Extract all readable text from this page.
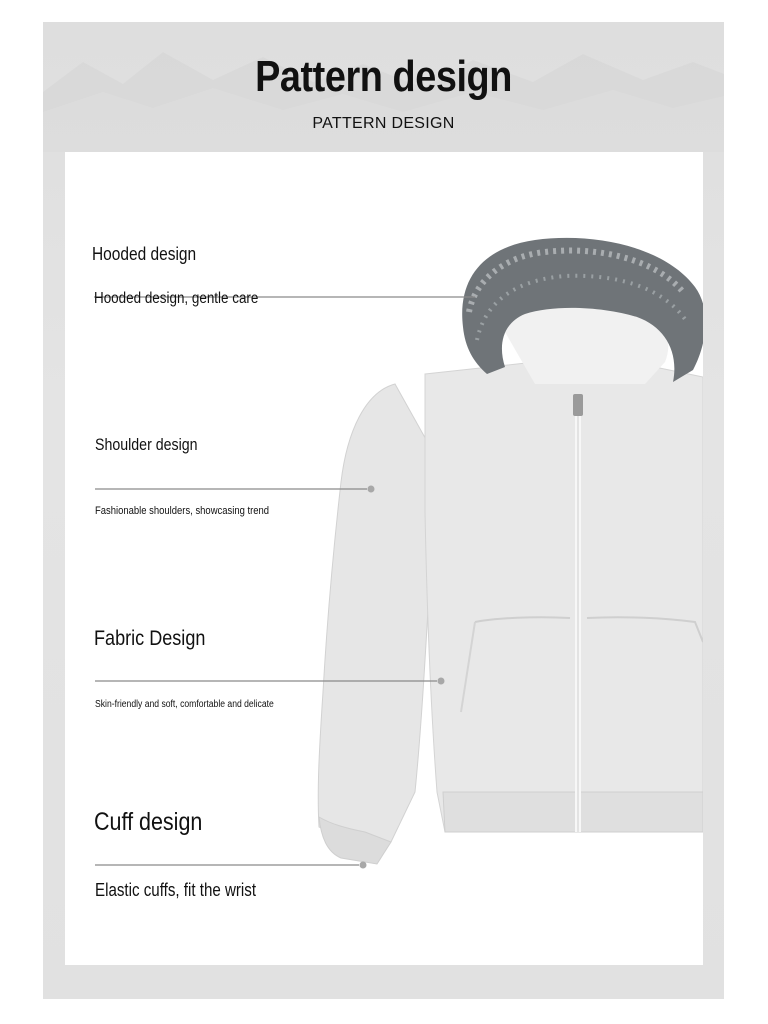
Pattern design
PATTERN DESIGN
Hooded design
Hooded design, gentle care
Shoulder design
Fashionable shoulders, showcasing trend
Fabric Design
Skin-friendly and soft, comfortable and delicate
Cuff design
Elastic cuffs, fit the wrist
